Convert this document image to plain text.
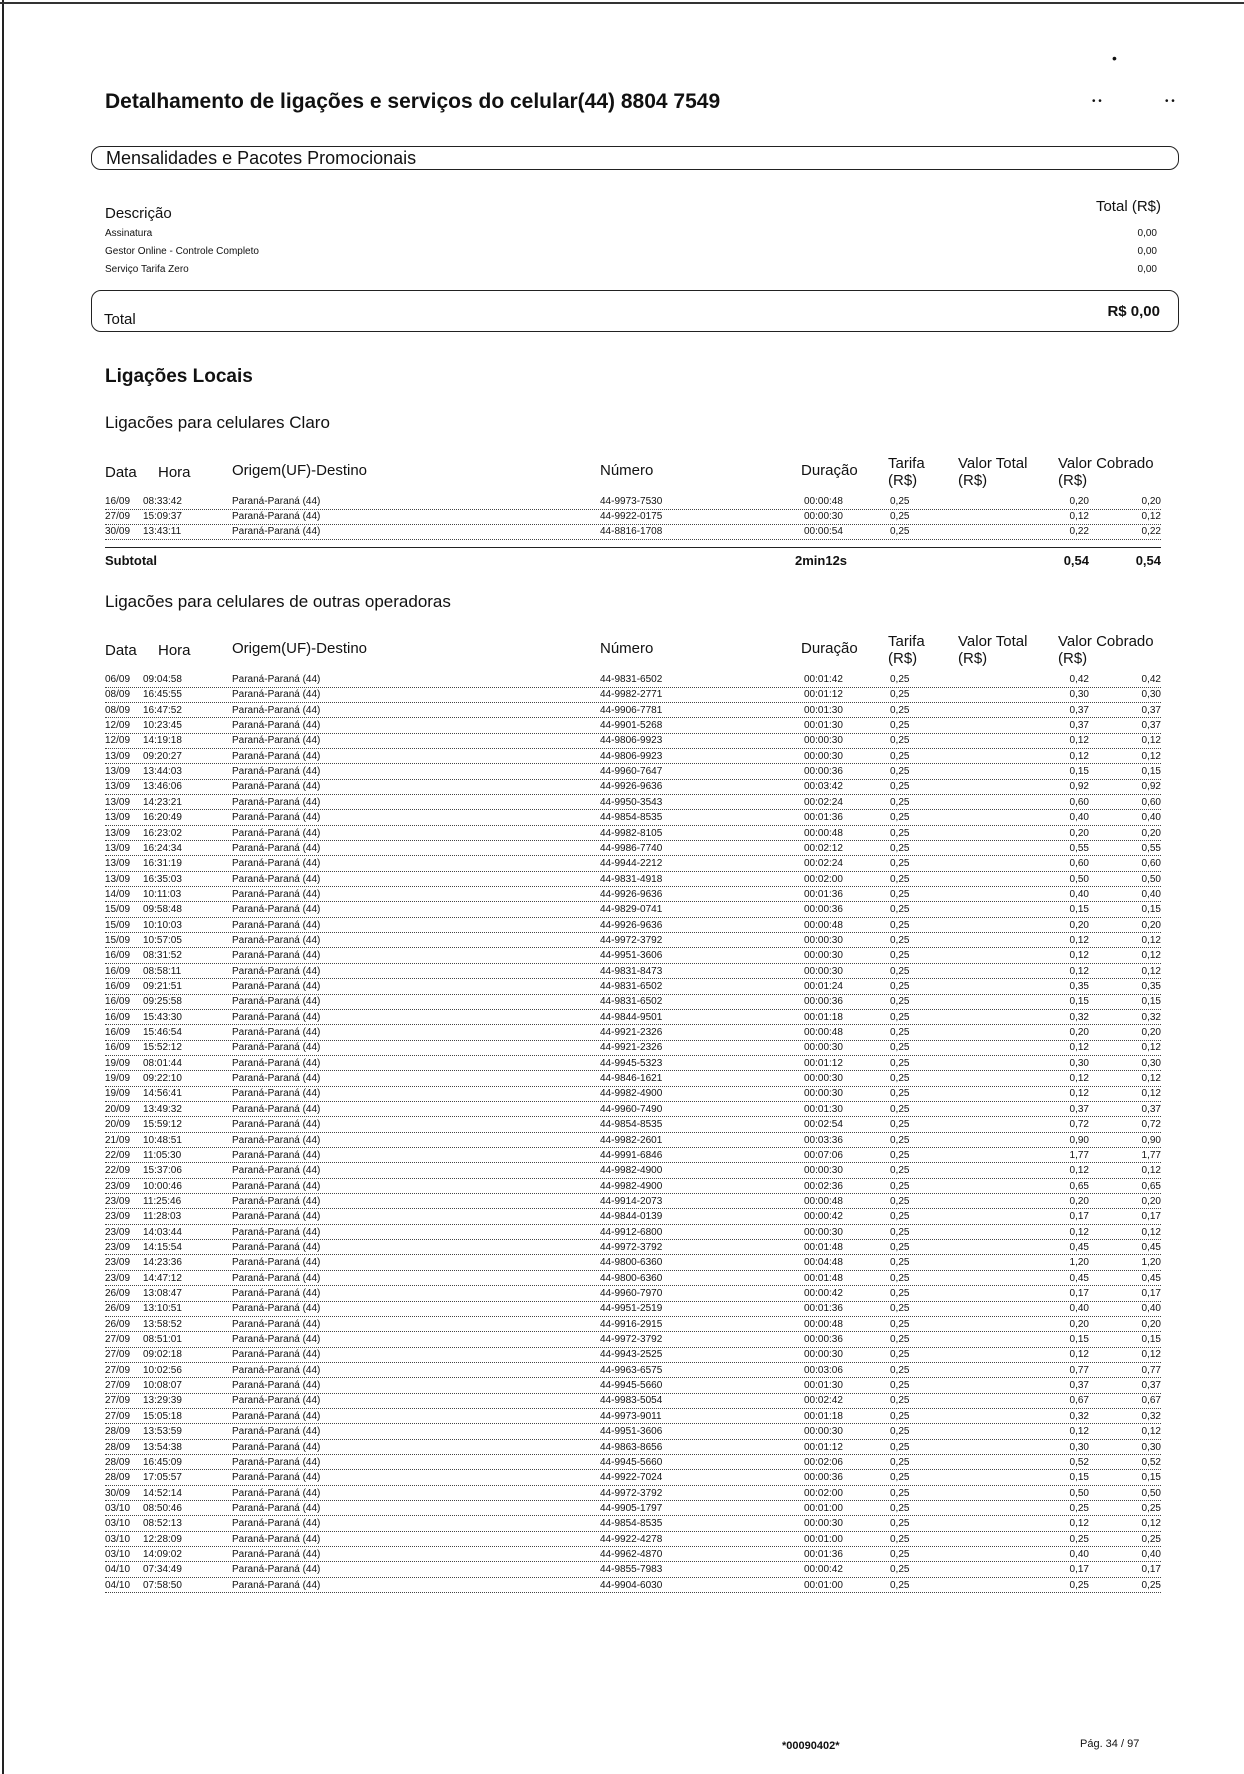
•
• •	• •
Detalhamento de ligações e serviços do celular(44) 8804 7549
Mensalidades e Pacotes Promocionais
Descrição	Total (R$)
Assinatura	0,00
Gestor Online - Controle Completo	0,00
Serviço Tarifa Zero	0,00
Total	R$ 0,00
Ligações Locais
Ligacões para celulares Claro
Data Hora	Origem(UF)-Destino	Número	Duração Tarifa (R$)
Valor Total (R$)
Valor Cobrado (R$)
16/09 08:33:42	Paraná-Paraná (44)	44-9973-7530	00:00:48	0,25	0,20	0,20
27/09 15:09:37	Paraná-Paraná (44)	44-9922-0175	00:00:30	0,25	0,12	0,12
30/09 13:43:11	Paraná-Paraná (44)	44-8816-1708	00:00:54	0,25	0,22	0,22
Subtotal	2min12s	0,54	0,54
Ligacões para celulares de outras operadoras
Data Hora	Origem(UF)-Destino	Número	Duração Tarifa (R$)
Valor Total (R$)
Valor Cobrado (R$)
06/09 09:04:58	Paraná-Paraná (44)	44-9831-6502	00:01:42	0,25	0,42	0,42
08/09 16:45:55	Paraná-Paraná (44)	44-9982-2771	00:01:12	0,25	0,30	0,30
08/09 16:47:52	Paraná-Paraná (44)	44-9906-7781	00:01:30	0,25	0,37	0,37
12/09 10:23:45	Paraná-Paraná (44)	44-9901-5268	00:01:30	0,25	0,37	0,37
12/09 14:19:18	Paraná-Paraná (44)	44-9806-9923	00:00:30	0,25	0,12	0,12
13/09 09:20:27	Paraná-Paraná (44)	44-9806-9923	00:00:30	0,25	0,12	0,12
13/09 13:44:03	Paraná-Paraná (44)	44-9960-7647	00:00:36	0,25	0,15	0,15
13/09 13:46:06	Paraná-Paraná (44)	44-9926-9636	00:03:42	0,25	0,92	0,92
13/09 14:23:21	Paraná-Paraná (44)	44-9950-3543	00:02:24	0,25	0,60	0,60
13/09 16:20:49	Paraná-Paraná (44)	44-9854-8535	00:01:36	0,25	0,40	0,40
13/09 16:23:02	Paraná-Paraná (44)	44-9982-8105	00:00:48	0,25	0,20	0,20
13/09 16:24:34	Paraná-Paraná (44)	44-9986-7740	00:02:12	0,25	0,55	0,55
13/09 16:31:19	Paraná-Paraná (44)	44-9944-2212	00:02:24	0,25	0,60	0,60
13/09 16:35:03	Paraná-Paraná (44)	44-9831-4918	00:02:00	0,25	0,50	0,50
14/09 10:11:03	Paraná-Paraná (44)	44-9926-9636	00:01:36	0,25	0,40	0,40
15/09 09:58:48	Paraná-Paraná (44)	44-9829-0741	00:00:36	0,25	0,15	0,15
15/09 10:10:03	Paraná-Paraná (44)	44-9926-9636	00:00:48	0,25	0,20	0,20
15/09 10:57:05	Paraná-Paraná (44)	44-9972-3792	00:00:30	0,25	0,12	0,12
16/09 08:31:52	Paraná-Paraná (44)	44-9951-3606	00:00:30	0,25	0,12	0,12
16/09 08:58:11	Paraná-Paraná (44)	44-9831-8473	00:00:30	0,25	0,12	0,12
16/09 09:21:51	Paraná-Paraná (44)	44-9831-6502	00:01:24	0,25	0,35	0,35
16/09 09:25:58	Paraná-Paraná (44)	44-9831-6502	00:00:36	0,25	0,15	0,15
16/09 15:43:30	Paraná-Paraná (44)	44-9844-9501	00:01:18	0,25	0,32	0,32
16/09 15:46:54	Paraná-Paraná (44)	44-9921-2326	00:00:48	0,25	0,20	0,20
16/09 15:52:12	Paraná-Paraná (44)	44-9921-2326	00:00:30	0,25	0,12	0,12
19/09 08:01:44	Paraná-Paraná (44)	44-9945-5323	00:01:12	0,25	0,30	0,30
19/09 09:22:10	Paraná-Paraná (44)	44-9846-1621	00:00:30	0,25	0,12	0,12
19/09 14:56:41	Paraná-Paraná (44)	44-9982-4900	00:00:30	0,25	0,12	0,12
20/09 13:49:32	Paraná-Paraná (44)	44-9960-7490	00:01:30	0,25	0,37	0,37
20/09 15:59:12	Paraná-Paraná (44)	44-9854-8535	00:02:54	0,25	0,72	0,72
21/09 10:48:51	Paraná-Paraná (44)	44-9982-2601	00:03:36	0,25	0,90	0,90
22/09 11:05:30	Paraná-Paraná (44)	44-9991-6846	00:07:06	0,25	1,77	1,77
22/09 15:37:06	Paraná-Paraná (44)	44-9982-4900	00:00:30	0,25	0,12	0,12
23/09 10:00:46	Paraná-Paraná (44)	44-9982-4900	00:02:36	0,25	0,65	0,65
23/09 11:25:46	Paraná-Paraná (44)	44-9914-2073	00:00:48	0,25	0,20	0,20
23/09 11:28:03	Paraná-Paraná (44)	44-9844-0139	00:00:42	0,25	0,17	0,17
23/09 14:03:44	Paraná-Paraná (44)	44-9912-6800	00:00:30	0,25	0,12	0,12
23/09 14:15:54	Paraná-Paraná (44)	44-9972-3792	00:01:48	0,25	0,45	0,45
23/09 14:23:36	Paraná-Paraná (44)	44-9800-6360	00:04:48	0,25	1,20	1,20
23/09 14:47:12	Paraná-Paraná (44)	44-9800-6360	00:01:48	0,25	0,45	0,45
26/09 13:08:47	Paraná-Paraná (44)	44-9960-7970	00:00:42	0,25	0,17	0,17
26/09 13:10:51	Paraná-Paraná (44)	44-9951-2519	00:01:36	0,25	0,40	0,40
26/09 13:58:52	Paraná-Paraná (44)	44-9916-2915	00:00:48	0,25	0,20	0,20
27/09 08:51:01	Paraná-Paraná (44)	44-9972-3792	00:00:36	0,25	0,15	0,15
27/09 09:02:18	Paraná-Paraná (44)	44-9943-2525	00:00:30	0,25	0,12	0,12
27/09 10:02:56	Paraná-Paraná (44)	44-9963-6575	00:03:06	0,25	0,77	0,77
27/09 10:08:07	Paraná-Paraná (44)	44-9945-5660	00:01:30	0,25	0,37	0,37
27/09 13:29:39	Paraná-Paraná (44)	44-9983-5054	00:02:42	0,25	0,67	0,67
27/09 15:05:18	Paraná-Paraná (44)	44-9973-9011	00:01:18	0,25	0,32	0,32
28/09 13:53:59	Paraná-Paraná (44)	44-9951-3606	00:00:30	0,25	0,12	0,12
28/09 13:54:38	Paraná-Paraná (44)	44-9863-8656	00:01:12	0,25	0,30	0,30
28/09 16:45:09	Paraná-Paraná (44)	44-9945-5660	00:02:06	0,25	0,52	0,52
28/09 17:05:57	Paraná-Paraná (44)	44-9922-7024	00:00:36	0,25	0,15	0,15
30/09 14:52:14	Paraná-Paraná (44)	44-9972-3792	00:02:00	0,25	0,50	0,50
03/10 08:50:46	Paraná-Paraná (44)	44-9905-1797	00:01:00	0,25	0,25	0,25
03/10 08:52:13	Paraná-Paraná (44)	44-9854-8535	00:00:30	0,25	0,12	0,12
03/10 12:28:09	Paraná-Paraná (44)	44-9922-4278	00:01:00	0,25	0,25	0,25
03/10 14:09:02	Paraná-Paraná (44)	44-9962-4870	00:01:36	0,25	0,40	0,40
04/10 07:34:49	Paraná-Paraná (44)	44-9855-7983	00:00:42	0,25	0,17	0,17
04/10 07:58:50	Paraná-Paraná (44)	44-9904-6030	00:01:00	0,25	0,25	0,25
*00090402*	Pág. 34 / 97
